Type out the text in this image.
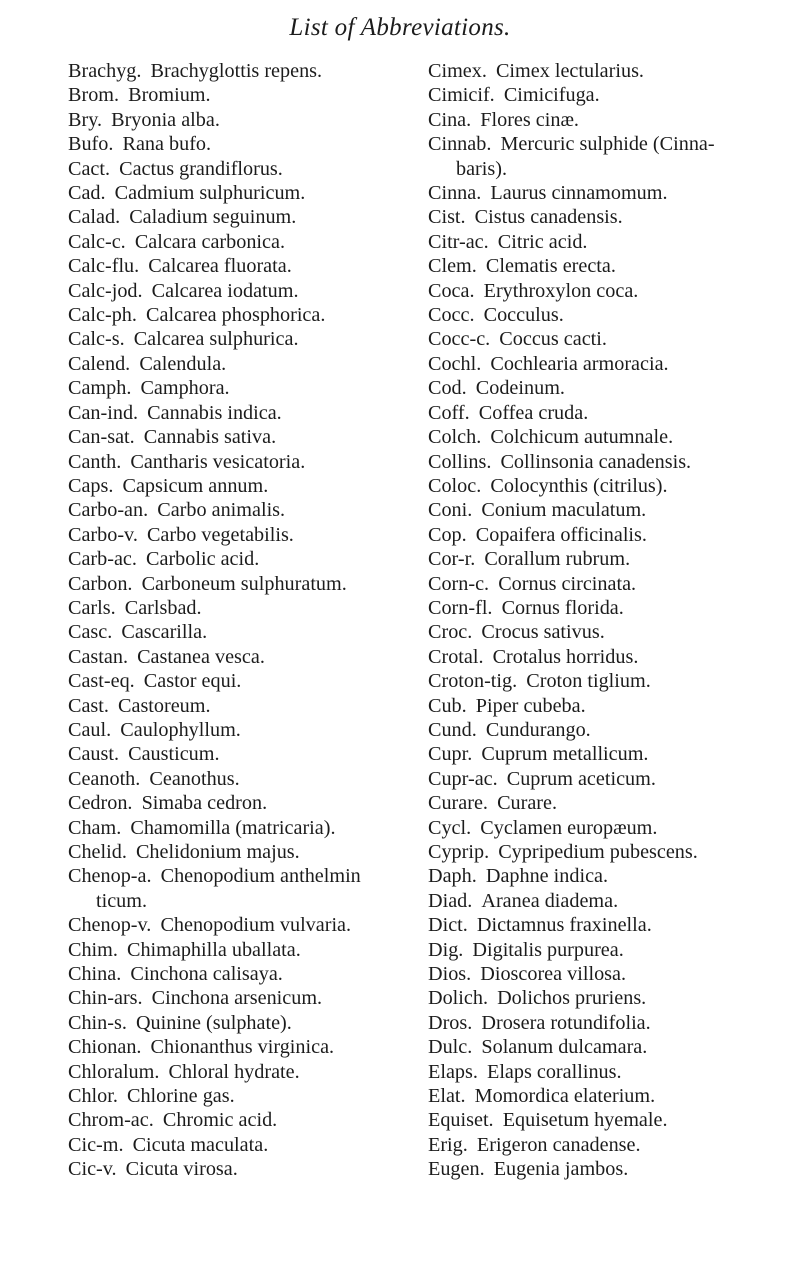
List of Abbreviations.
Brachyg. Brachyglottis repens.
Brom. Bromium.
Bry. Bryonia alba.
Bufo. Rana bufo.
Cact. Cactus grandiflorus.
Cad. Cadmium sulphuricum.
Calad. Caladium seguinum.
Calc-c. Calcara carbonica.
Calc-flu. Calcarea fluorata.
Calc-jod. Calcarea iodatum.
Calc-ph. Calcarea phosphorica.
Calc-s. Calcarea sulphurica.
Calend. Calendula.
Camph. Camphora.
Can-ind. Cannabis indica.
Can-sat. Cannabis sativa.
Canth. Cantharis vesicatoria.
Caps. Capsicum annum.
Carbo-an. Carbo animalis.
Carbo-v. Carbo vegetabilis.
Carb-ac. Carbolic acid.
Carbon. Carboneum sulphuratum.
Carls. Carlsbad.
Casc. Cascarilla.
Castan. Castanea vesca.
Cast-eq. Castor equi.
Cast. Castoreum.
Caul. Caulophyllum.
Caust. Causticum.
Ceanoth. Ceanothus.
Cedron. Simaba cedron.
Cham. Chamomilla (matricaria).
Chelid. Chelidonium majus.
Chenop-a. Chenopodium anthelmin
ticum.
Chenop-v. Chenopodium vulvaria.
Chim. Chimaphilla uballata.
China. Cinchona calisaya.
Chin-ars. Cinchona arsenicum.
Chin-s. Quinine (sulphate).
Chionan. Chionanthus virginica.
Chloralum. Chloral hydrate.
Chlor. Chlorine gas.
Chrom-ac. Chromic acid.
Cic-m. Cicuta maculata.
Cic-v. Cicuta virosa.
Cimex. Cimex lectularius.
Cimicif. Cimicifuga.
Cina. Flores cinæ.
Cinnab. Mercuric sulphide (Cinna-
baris).
Cinna. Laurus cinnamomum.
Cist. Cistus canadensis.
Citr-ac. Citric acid.
Clem. Clematis erecta.
Coca. Erythroxylon coca.
Cocc. Cocculus.
Cocc-c. Coccus cacti.
Cochl. Cochlearia armoracia.
Cod. Codeinum.
Coff. Coffea cruda.
Colch. Colchicum autumnale.
Collins. Collinsonia canadensis.
Coloc. Colocynthis (citrilus).
Coni. Conium maculatum.
Cop. Copaifera officinalis.
Cor-r. Corallum rubrum.
Corn-c. Cornus circinata.
Corn-fl. Cornus florida.
Croc. Crocus sativus.
Crotal. Crotalus horridus.
Croton-tig. Croton tiglium.
Cub. Piper cubeba.
Cund. Cundurango.
Cupr. Cuprum metallicum.
Cupr-ac. Cuprum aceticum.
Curare. Curare.
Cycl. Cyclamen europæum.
Cyprip. Cypripedium pubescens.
Daph. Daphne indica.
Diad. Aranea diadema.
Dict. Dictamnus fraxinella.
Dig. Digitalis purpurea.
Dios. Dioscorea villosa.
Dolich. Dolichos pruriens.
Dros. Drosera rotundifolia.
Dulc. Solanum dulcamara.
Elaps. Elaps corallinus.
Elat. Momordica elaterium.
Equiset. Equisetum hyemale.
Erig. Erigeron canadense.
Eugen. Eugenia jambos.
